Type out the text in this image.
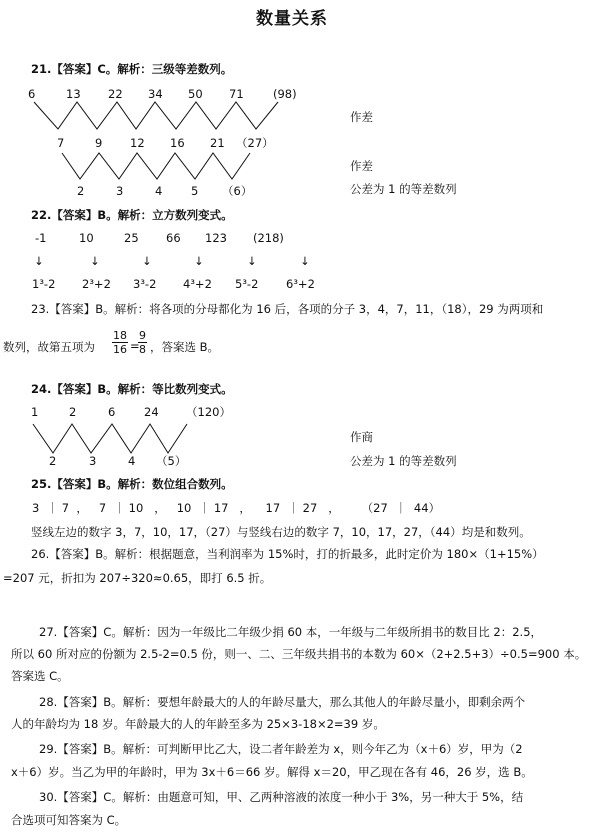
数量关系
21.【答案】C。解析：三级等差数列。
6	13 22 34 50 71	(98)
作差
7	9 12 16 21 （27）
作差
2	3	4 5 （6）	公差为 1 的等差数列
22.【答案】B。解析：立方数列变式。
-1	10	25 66 123 (218)
↓	↓	↓	↓	↓	↓
1³-2 2³+2 3³-2 4³+2 5³-2 6³+2
23.【答案】B。解析：将各项的分母都化为 16 后，各项的分子 3，4，7，11，（18），29 为两项和
数列，故第五项为 $\frac{18}{16}$ =
$\frac{9}{8}$ ，答案选 B。
24.【答案】B。解析：等比数列变式。
1	2	6 24 （120）
作商
2	3	4 （5）	公差为 1 的等差数列
25.【答案】B。解析：数位组合数列。
3  ｜ 7  ，   7  ｜ 10   ，   10  ｜ 17   ，    17  ｜ 27   ，      （27  ｜  44）
竖线左边的数字 3，7，10，17，（27）与竖线右边的数字 7，10，17，27，（44）均是和数列。
26.【答案】B。解析：根据题意，当利润率为 15%时，打的折最多，此时定价为 180×（1+15%）
=207 元，折扣为 207÷320≈0.65，即打 6.5 折。
27.【答案】C。解析：因为一年级比二年级少捐 60 本，一年级与二年级所捐书的数目比 2：2.5，
所以 60 所对应的份额为 2.5-2=0.5 份，则一、二、三年级共捐书的本数为 60×（2+2.5+3）÷0.5=900 本。
答案选 C。
28.【答案】B。解析：要想年龄最大的人的年龄尽量大，那么其他人的年龄尽量小，即剩余两个
人的年龄均为 18 岁。年龄最大的人的年龄至多为 25×3-18×2=39 岁。
29.【答案】B。解析：可判断甲比乙大，设二者年龄差为 x，则今年乙为（x＋6）岁，甲为（2
x＋6）岁。当乙为甲的年龄时，甲为 3x＋6＝66 岁。解得 x＝20，甲乙现在各有 46，26 岁，选 B。
30.【答案】C。解析：由题意可知，甲、乙两种溶液的浓度一种小于 3%，另一种大于 5%，结
合选项可知答案为 C。
